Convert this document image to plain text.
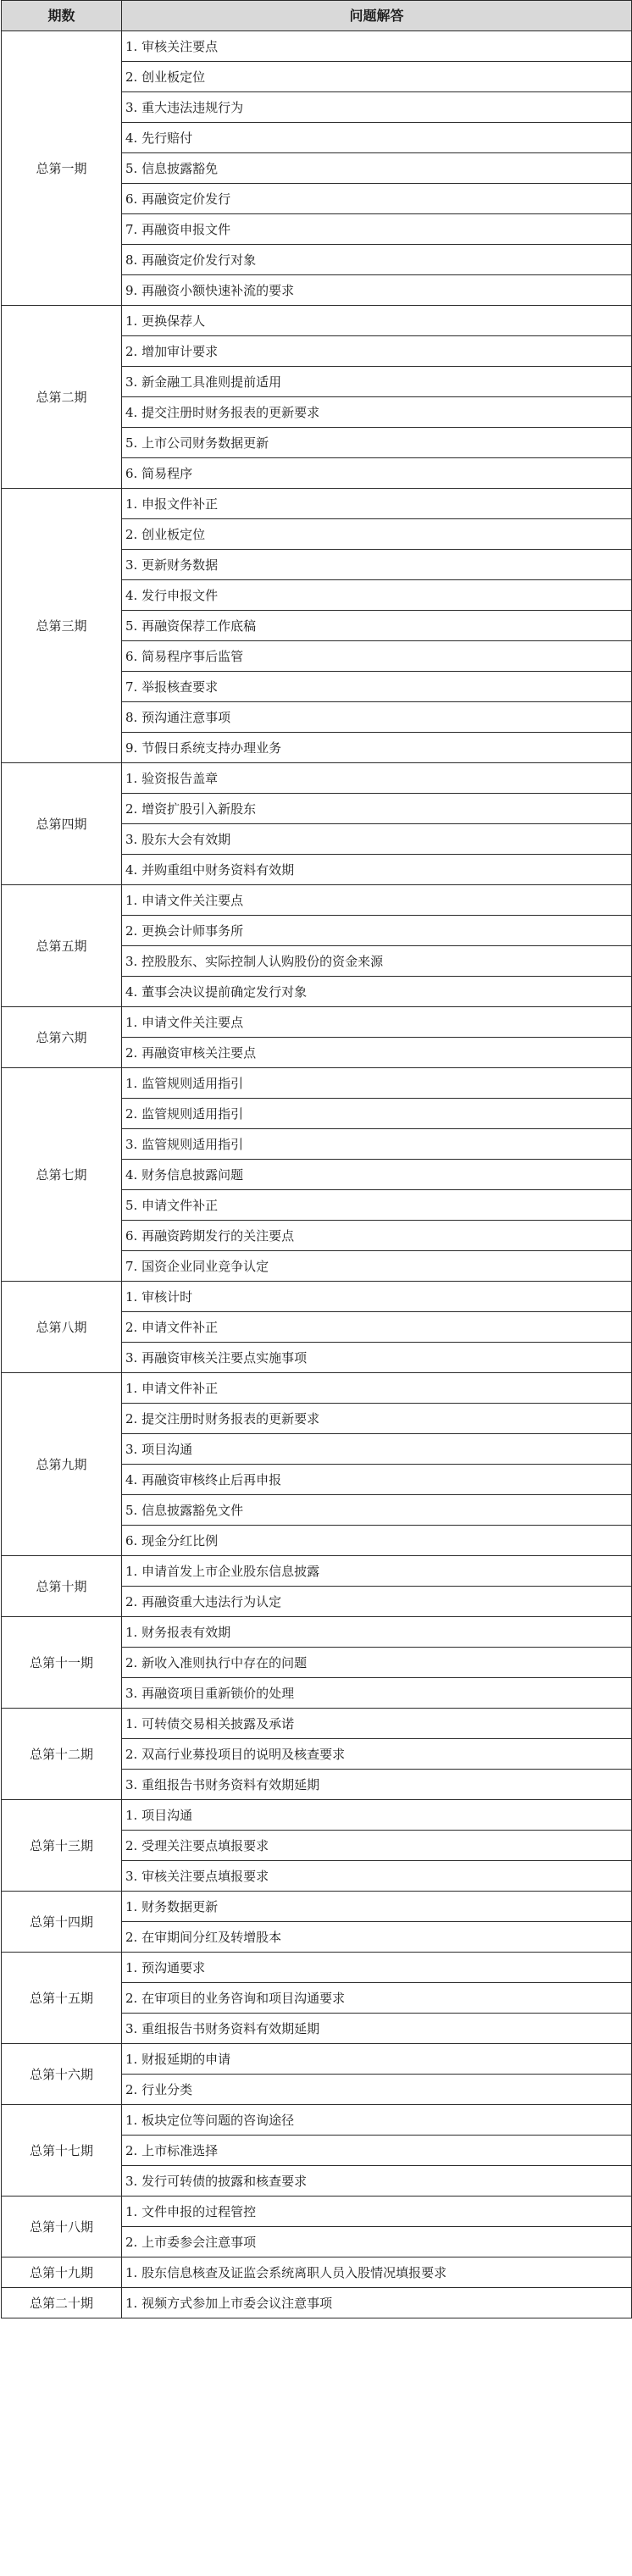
期数	问题解答
总第一期	1. 审核关注要点
	2. 创业板定位
	3. 重大违法违规行为
	4. 先行赔付
	5. 信息披露豁免
	6. 再融资定价发行
	7. 再融资申报文件
	8. 再融资定价发行对象
	9. 再融资小额快速补流的要求
总第二期	1. 更换保荐人
	2. 增加审计要求
	3. 新金融工具准则提前适用
	4. 提交注册时财务报表的更新要求
	5. 上市公司财务数据更新
	6. 简易程序
总第三期	1. 申报文件补正
	2. 创业板定位
	3. 更新财务数据
	4. 发行申报文件
	5. 再融资保荐工作底稿
	6. 简易程序事后监管
	7. 举报核查要求
	8. 预沟通注意事项
	9. 节假日系统支持办理业务
总第四期	1. 验资报告盖章
	2. 增资扩股引入新股东
	3. 股东大会有效期
	4. 并购重组中财务资料有效期
总第五期	1. 申请文件关注要点
	2. 更换会计师事务所
	3. 控股股东、实际控制人认购股份的资金来源
	4. 董事会决议提前确定发行对象
总第六期	1. 申请文件关注要点
	2. 再融资审核关注要点
总第七期	1. 监管规则适用指引
	2. 监管规则适用指引
	3. 监管规则适用指引
	4. 财务信息披露问题
	5. 申请文件补正
	6. 再融资跨期发行的关注要点
	7. 国资企业同业竞争认定
总第八期	1. 审核计时
	2. 申请文件补正
	3. 再融资审核关注要点实施事项
总第九期	1. 申请文件补正
	2. 提交注册时财务报表的更新要求
	3. 项目沟通
	4. 再融资审核终止后再申报
	5. 信息披露豁免文件
	6. 现金分红比例
总第十期	1. 申请首发上市企业股东信息披露
	2. 再融资重大违法行为认定
总第十一期	1. 财务报表有效期
	2. 新收入准则执行中存在的问题
	3. 再融资项目重新锁价的处理
总第十二期	1. 可转债交易相关披露及承诺
	2. 双高行业募投项目的说明及核查要求
	3. 重组报告书财务资料有效期延期
总第十三期	1. 项目沟通
	2. 受理关注要点填报要求
	3. 审核关注要点填报要求
总第十四期	1. 财务数据更新
	2. 在审期间分红及转增股本
总第十五期	1. 预沟通要求
	2. 在审项目的业务咨询和项目沟通要求
	3. 重组报告书财务资料有效期延期
总第十六期	1. 财报延期的申请
	2. 行业分类
总第十七期	1. 板块定位等问题的咨询途径
	2. 上市标准选择
	3. 发行可转债的披露和核查要求
总第十八期	1. 文件申报的过程管控
	2. 上市委参会注意事项
总第十九期	1. 股东信息核查及证监会系统离职人员入股情况填报要求
总第二十期	1. 视频方式参加上市委会议注意事项
